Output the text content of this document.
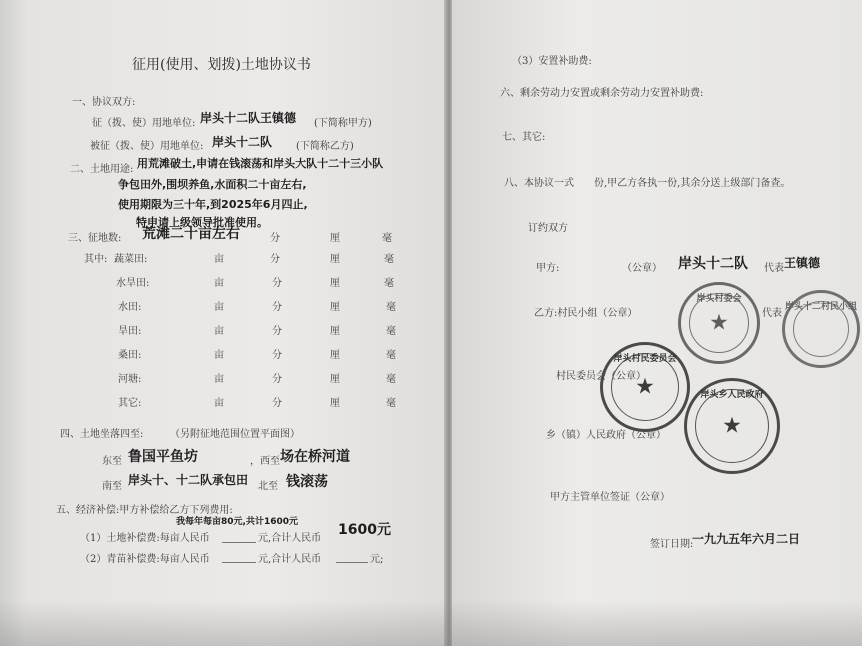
征用(使用、划拨)土地协议书
一、协议双方:
征（拨、使）用地单位: 岸头十二队王镇德 (下简称甲方)
被征（拨、使）用地单位: 岸头十二队 (下简称乙方)
二、土地用途: 用荒滩破土,申请在钱滚荡和岸头大队十二十三小队
争包田外,围坝养鱼,水面积二十亩左右,
使用期限为三十年,到2025年6月四止,
特申请上级领导批准使用。
三、征地数: 荒滩二十亩左右	分	厘	毫
其中: 蔬菜田:	亩	分	厘	毫
水旱田:	亩	分	厘	毫
水田:	亩	分	厘	毫
旱田:	亩	分	厘	毫
桑田:	亩	分	厘	毫
河塘:	亩	分	厘	毫
其它:	亩	分	厘	毫
四、土地坐落四至:	（另附征地范围位置平面图）
东至 鲁国平鱼坊	，西至 场在桥河道
南至 岸头十、十二队承包田 北至 钱滚荡
五、经济补偿:甲方补偿给乙方下列费用:
我每年每亩80元,共计1600元
（1）土地补偿费:每亩人民币	元,合计人民币
1600元
（2）青苗补偿费:每亩人民币	元,合计人民币	元;
（3）安置补助费:
六、剩余劳动力安置或剩余劳动力安置补助费:
七、其它:
八、本协议一式　　份,甲乙方各执一份,其余分送上级部门备查。
订约双方
甲方:	（公章） 岸头十二队 代表 王镇德
乙方:村民小组（公章）	代表
村民委员会（公章）
乡（镇）人民政府（公章）
甲方主管单位签证（公章）
签订日期:
一九九五年六月二日
岸头村委会
★
岸头十二村民小组
岸头村民委员会
★	岸头乡人民政府
★
